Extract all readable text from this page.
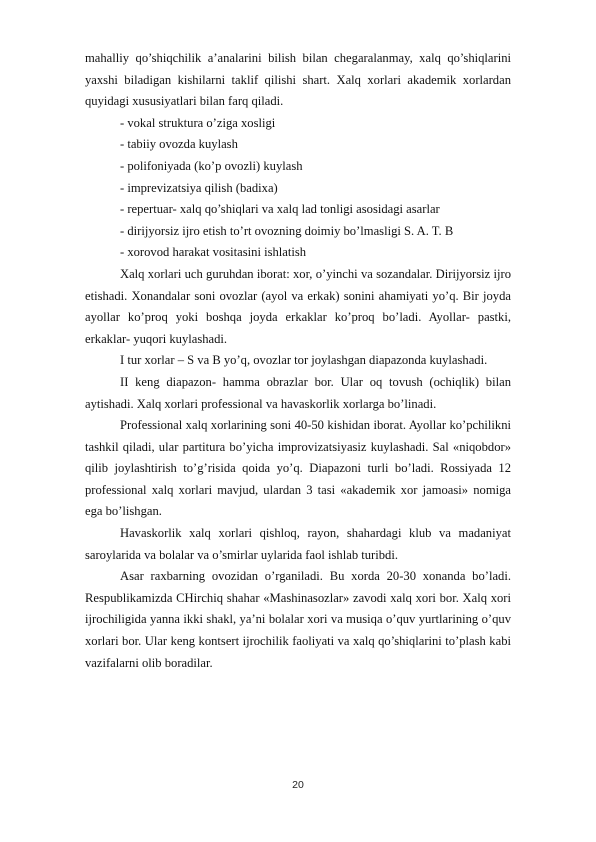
mahalliy qo’shiqchilik a’analarini bilish bilan chegaralanmay, xalq qo’shiqlarini yaxshi biladigan kishilarni taklif qilishi shart. Xalq xorlari akademik xorlardan quyidagi xususiyatlari bilan farq qiladi.

- vokal struktura o’ziga xosligi

- tabiiy ovozda kuylash

- polifoniyada (ko’p ovozli) kuylash

- imprevizatsiya qilish (badixa)

- repertuar- xalq qo’shiqlari va xalq lad tonligi asosidagi asarlar

- dirijyorsiz ijro etish to’rt ovozning doimiy bo’lmasligi S. A. T. B

- xorovod harakat vositasini ishlatish

Xalq xorlari uch guruhdan iborat: xor, o’yinchi va sozandalar. Dirijyorsiz ijro etishadi. Xonandalar soni ovozlar (ayol va erkak) sonini ahamiyati yo’q. Bir joyda ayollar ko’proq yoki boshqa joyda erkaklar ko’proq bo’ladi. Ayollar- pastki, erkaklar- yuqori kuylashadi.

I tur xorlar – S va B yo’q, ovozlar tor joylashgan diapazonda kuylashadi.

II keng diapazon- hamma obrazlar bor. Ular oq tovush (ochiqlik) bilan aytishadi. Xalq xorlari professional va havaskorlik xorlarga bo’linadi.

Professional xalq xorlarining soni 40-50 kishidan iborat. Ayollar ko’pchilikni tashkil qiladi, ular partitura bo’yicha improvizatsiyasiz kuylashadi. Sal «niqobdor» qilib joylashtirish to’g’risida qoida yo’q. Diapazoni turli bo’ladi. Rossiyada 12 professional xalq xorlari mavjud, ulardan 3 tasi «akademik xor jamoasi» nomiga ega bo’lishgan.

Havaskorlik xalq xorlari qishloq, rayon, shahardagi klub va madaniyat saroylarida va bolalar va o’smirlar uylarida faol ishlab turibdi.

Asar raxbarning ovozidan o’rganiladi. Bu xorda 20-30 xonanda bo’ladi. Respublikamizda CHirchiq shahar «Mashinasozlar» zavodi xalq xori bor. Xalq xori ijrochiligida yanna ikki shakl, ya’ni bolalar xori va musiqa o’quv yurtlarining o’quv xorlari bor. Ular keng kontsert ijrochilik faoliyati va xalq qo’shiqlarini to’plash kabi vazifalarni olib boradilar.

20
